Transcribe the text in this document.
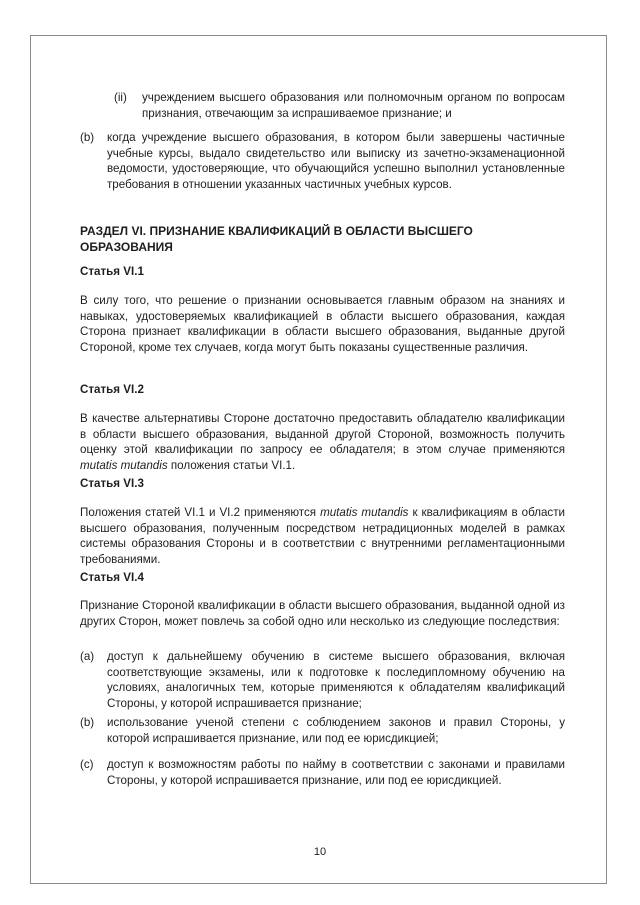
(ii) учреждением высшего образования или полномочным органом по вопросам признания, отвечающим за испрашиваемое признание; и

(b) когда учреждение высшего образования, в котором были завершены частичные учебные курсы, выдало свидетельство или выписку из зачетно-экзаменационной ведомости, удостоверяющие, что обучающийся успешно выполнил установленные требования в отношении указанных частичных учебных курсов.

РАЗДЕЛ VI. ПРИЗНАНИЕ КВАЛИФИКАЦИЙ В ОБЛАСТИ ВЫСШЕГО ОБРАЗОВАНИЯ

Статья VI.1

В силу того, что решение о признании основывается главным образом на знаниях и навыках, удостоверяемых квалификацией в области высшего образования, каждая Сторона признает квалификации в области высшего образования, выданные другой Стороной, кроме тех случаев, когда могут быть показаны существенные различия.

Статья VI.2

В качестве альтернативы Стороне достаточно предоставить обладателю квалификации в области высшего образования, выданной другой Стороной, возможность получить оценку этой квалификации по запросу ее обладателя; в этом случае применяются mutatis mutandis положения статьи VI.1.

Статья VI.3

Положения статей VI.1 и VI.2 применяются mutatis mutandis к квалификациям в области высшего образования, полученным посредством нетрадиционных моделей в рамках системы образования Стороны и в соответствии с внутренними регламентационными требованиями.

Статья VI.4

Признание Стороной квалификации в области высшего образования, выданной одной из других Сторон, может повлечь за собой одно или несколько из следующие последствия:

(a) доступ к дальнейшему обучению в системе высшего образования, включая соответствующие экзамены, или к подготовке к последипломному обучению на условиях, аналогичных тем, которые применяются к обладателям квалификаций Стороны, у которой испрашивается признание;

(b) использование ученой степени с соблюдением законов и правил Стороны, у которой испрашивается признание, или под ее юрисдикцией;

(c) доступ к возможностям работы по найму в соответствии с законами и правилами Стороны, у которой испрашивается признание, или под ее юрисдикцией.

10
